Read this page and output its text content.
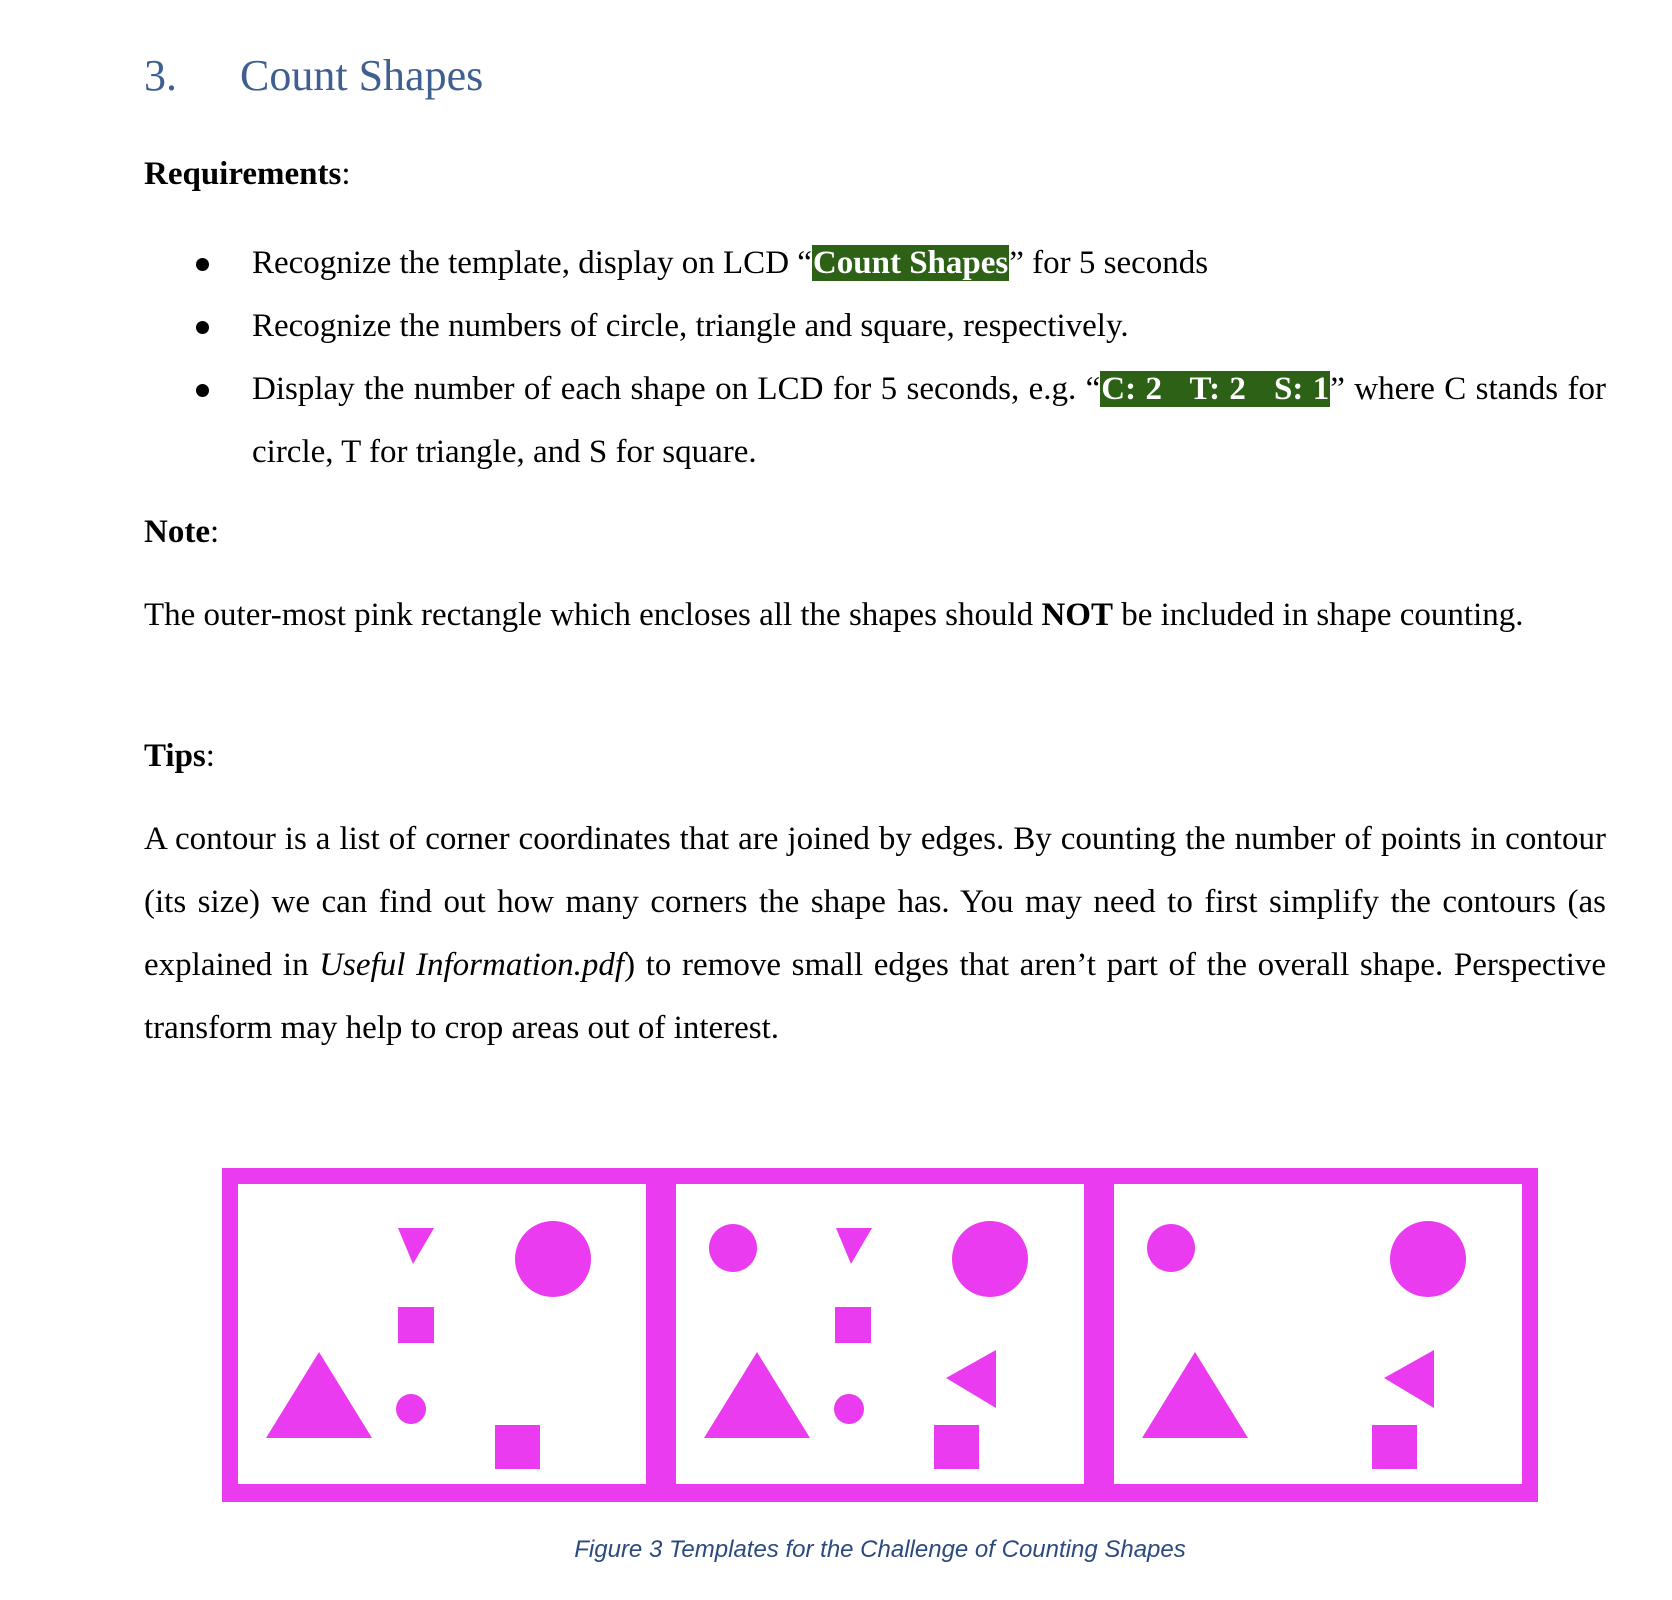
3. Count Shapes
Requirements:
Recognize the template, display on LCD “Count Shapes” for 5 seconds
Recognize the numbers of circle, triangle and square, respectively.
Display the number of each shape on LCD for 5 seconds, e.g. “C: 2   T: 2   S: 1” where C stands for circle, T for triangle, and S for square.
Note:
The outer-most pink rectangle which encloses all the shapes should NOT be included in shape counting.
Tips:
A contour is a list of corner coordinates that are joined by edges. By counting the number of points in contour (its size) we can find out how many corners the shape has. You may need to first simplify the contours (as explained in Useful Information.pdf) to remove small edges that aren’t part of the overall shape. Perspective transform may help to crop areas out of interest.
Figure 3 Templates for the Challenge of Counting Shapes
